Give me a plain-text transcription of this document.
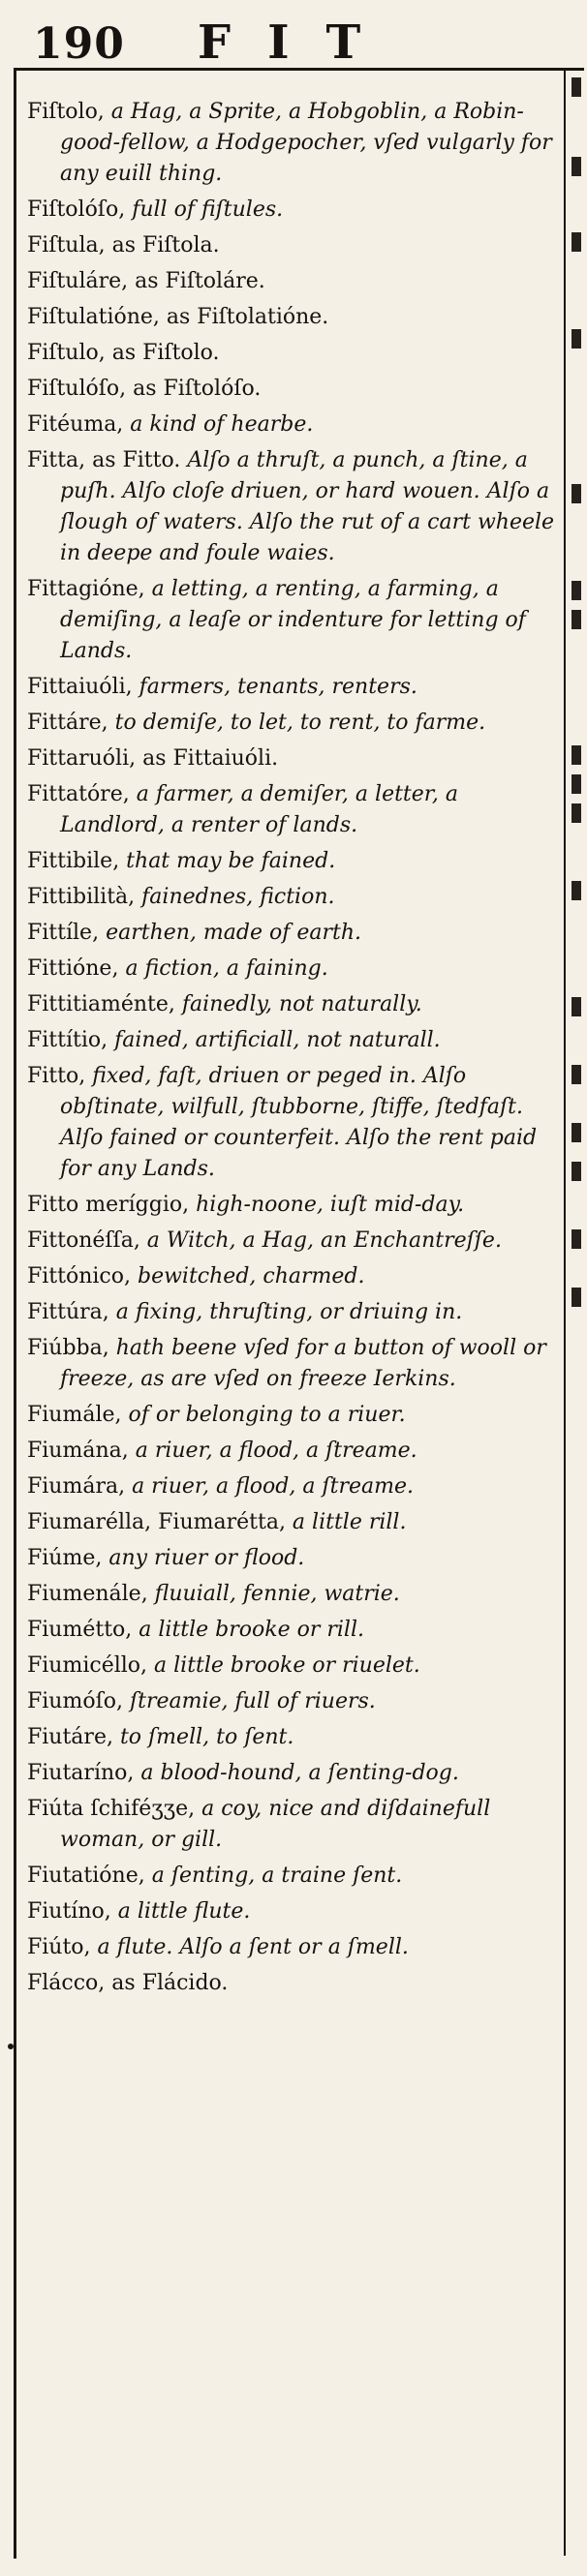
190 FIT

Fiſtolo, a Hag, a Sprite, a Hobgoblin, a Robin-good-fellow, a Hodgepocher, vſed vulgarly for any euill thing.

Fiſtolóſo, full of fiſtules.

Fiſtula, as Fiſtola.

Fiſtuláre, as Fiſtoláre.

Fiſtulatióne, as Fiſtolatióne.

Fiſtulo, as Fiſtolo.

Fiſtulóſo, as Fiſtolóſo.

Fitéuma, a kind of hearbe.

Fitta, as Fitto. Alſo a thruſt, a punch, a ſtine, a puſh. Alſo cloſe driuen, or hard wouen. Alſo a ſlough of waters. Alſo the rut of a cart wheele in deepe and foule waies.

Fittagióne, a letting, a renting, a farming, a demiſing, a leaſe or indenture for letting of Lands.

Fittaiuóli, farmers, tenants, renters.

Fittáre, to demiſe, to let, to rent, to farme.

Fittaruóli, as Fittaiuóli.

Fittatóre, a farmer, a demiſer, a letter, a Landlord, a renter of lands.

Fittibile, that may be fained.

Fittibilità, fainednes, fiction.

Fittíle, earthen, made of earth.

Fittióne, a fiction, a faining.

Fittitiaménte, fainedly, not naturally.

Fittítio, fained, artificiall, not naturall.

Fitto, fixed, faſt, driuen or peged in. Alſo obſtinate, wilfull, ſtubborne, ſtiffe, ſtedfaſt. Alſo fained or counterfeit. Alſo the rent paid for any Lands.

Fitto meríggio, high-noone, iuſt mid-day.

Fittonéſſa, a Witch, a Hag, an Enchantreſſe.

Fittónico, bewitched, charmed.

Fittúra, a fixing, thruſting, or driuing in.

Fiúbba, hath beene vſed for a button of wooll or freeze, as are vſed on freeze Ierkins.

Fiumále, of or belonging to a riuer.

Fiumána, a riuer, a flood, a ſtreame.

Fiumára, a riuer, a flood, a ſtreame.

Fiumarélla, Fiumarétta, a little rill.

Fiúme, any riuer or flood.

Fiumenále, fluuiall, fennie, watrie.

Fiumétto, a little brooke or rill.

Fiumicéllo, a little brooke or riuelet.

Fiumóſo, ſtreamie, full of riuers.

Fiutáre, to ſmell, to ſent.

Fiutaríno, a blood-hound, a ſenting-dog.

Fiúta ſchiféʒʒe, a coy, nice and diſdainefull woman, or gill.

Fiutatióne, a ſenting, a traine ſent.

Fiutíno, a little flute.

Fiúto, a flute. Alſo a ſent or a ſmell.

Flácco, as Flácido.
